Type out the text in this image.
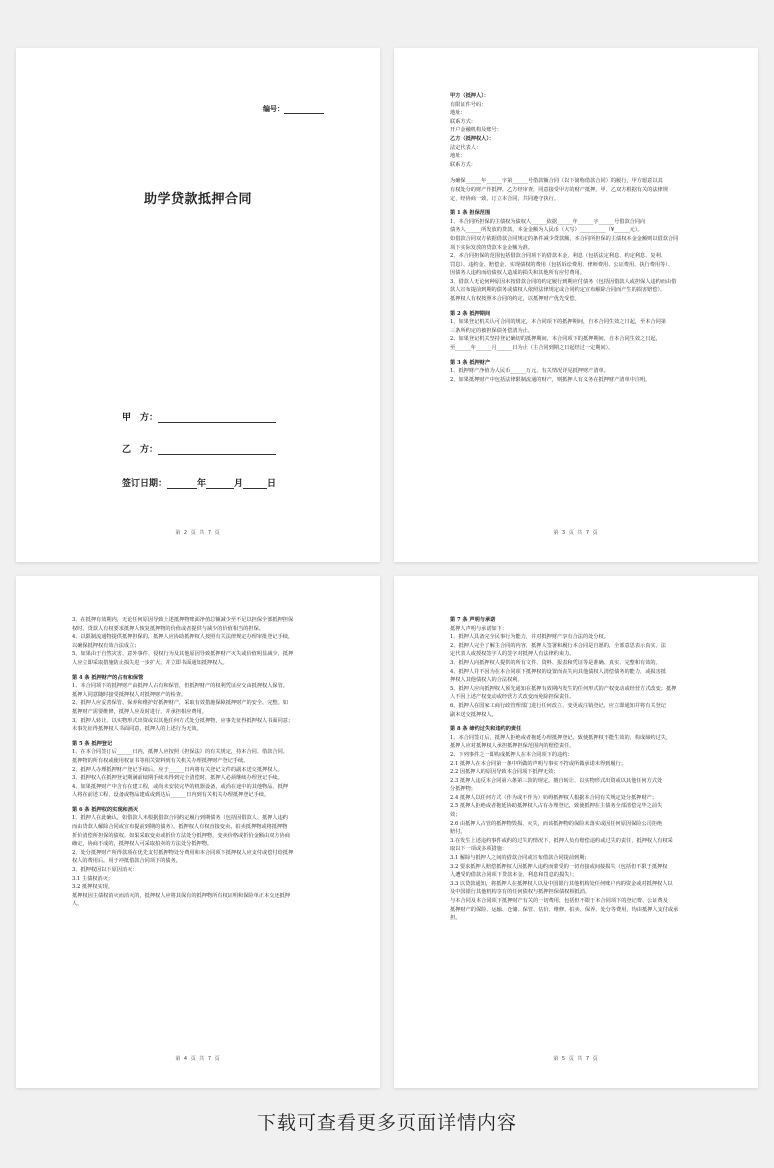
编号：
助学贷款抵押合同
甲　方：
乙　方：
签订日期：	年	月	日
第 2 页 共 7 页

甲方（抵押人）：

有限证件号码：

地址：

联系方式：

开户金融机构及账号：

乙方（抵押权人）：

法定代表人：

地址：

联系方式：

为确保______年______字第______号借款额合同（以下简称借款合同）的履行，甲方愿意以其

有权处分的财产作抵押。乙方经审查，同意接受甲方的财产抵押。甲、乙双方根据有关的法律规

定，经协商一致，订立本合同，共同遵守执行。

第 1 条 担保范围

1、本合同所担保的主债权为债权人______依据______年______字______号借款合同向

债务人______所发放的贷款，本金金额为人民币（大写）__________（¥______元）。

如借款合同双方依据借款合同规定的条件减少贷款额，本合同所担保的主债权本金金额则以借款合同

项下实际发放的贷款本金金额为准。

2、本合同担保的范围包括借款合同项下的借款本金、利息（包括法定利息、约定利息、复利、

罚息）、违约金、赔偿金、实现债权的费用（包括诉讼费用、律师费用、公证费用、执行费用等）、

因债务人违约而给债权人造成的损失和其他所有应付费用。

3、借款人无论何种原因未按借款合同的约定履行到期应付债务（包括因借款人或担保人违约而由借

款人宣布提前到期的债务或债权人依照法律规定或合同约定宣布解除合同而产生的损害赔偿），

抵押权人有权按照本合同的约定，以抵押财产优先受偿。

第 2 条 抵押期间

1、如果登记机关认可合同的规定，本合同项下的抵押期间，自本合同生效之日起，至本合同第

三条所约定的被担保债务偿清为止。

2、如果登记机关坚持登记确切的抵押期间，本合同项下的抵押期间，自本合同生效之日起，

至______年______月______日为止（主合同到期之日起经过一定期间）。

第 3 条 抵押财产

1、抵押财产净值为人民币______万元，有关情况详见抵押财产清单。

2、如果抵押财产中包括法律限制流通的财产，则抵押人有义务在抵押财产清单中注明。

第 3 页 共 7 页

3、在抵押有效期内，无论任何原因导致上述抵押物账面净值总额减少至不足以担保全部抵押担保

权时，贷款人有权要求抵押人恢复抵押物的价值或者提供与减少的价值相当的担保。

4、以限制流通物提供抵押担保的，抵押人应协助抵押权人按照有关法律规定办理审批登记手续，

以确保抵押权有效合法成立；

5、如果由于自然灾害、意外事件、侵权行为及其他原因导致抵押财产灭失或价值明显减少，抵押

人应立即采取措施防止损失进一步扩大，并立即书面通知抵押权人。

第 4 条 抵押财产的占有和保管

1、本合同项下的抵押财产由抵押人占有和保管，但抵押财产的权利凭证应交由抵押权人保管。

抵押人同意随时接受抵押权人对抵押财产的检查。

2、抵押人应妥善保管、保养和维护好抵押财产，采取有效措施保障抵押财产的安全、完整。如

抵押财产需要维修，抵押人应及时进行，并承担相应费用。

3、抵押人转让、以实物形式出资或以其他任何方式处分抵押物，应事先征得抵押权人书面同意；

未事先征得抵押权人书面同意，抵押人的上述行为无效。

第 5 条 抵押登记

1、在本合同签订后______日内，抵押人应按照《担保法》的有关规定，持本合同、借款合同、

抵押物的所有权或使用权证书等相关资料到有关机关办理抵押财产登记手续。

2、抵押人办理抵押财产登记手续后，应于______日内将有关登记文件的副本送交抵押权人。

3、抵押权人在抵押登记期满前续期手续未得到完全清偿时，抵押人必须继续办理登记手续。

4、如果抵押财产中含有在建工程，或尚未安装完毕的机器设备，或尚在途中的其他物品，抵押

人将在前述工程、设备或物品建成或到达后______日内到有关机关办理抵押登记手续。

第 6 条 抵押权的实现和消灭

1、抵押人在此确认，如借款人未根据借款合同约定履行到期债务（包括因借款人、抵押人违约

而由贷款人解除合同或宣布提前到期的债务），抵押权人有权直接变卖、拍卖抵押物或将抵押物

折价清偿所担保的债权。如果采取变卖或折价方法处分抵押物，变卖价格或折价金额由双方协商

确定，协商不成的，抵押权人可采取拍卖的方法处分抵押物。

2、处分抵押财产所得款项在优先支付抵押物处分费用和本合同项下抵押权人应支付或偿付给抵押

权人的费用后，用于冲抵借款合同项下的债务。

3、抵押权因以下原因消灭：

3.1 主债权消灭；

3.2 抵押权实现。

抵押权因主债权消灭而消灭的，抵押权人应将其保有的抵押物所有权证明和保险单正本交还抵押

人。

第 4 页 共 7 页

第 7 条 声明与承诺

抵押人声明与承诺如下：

1、抵押人具备完全民事行为能力，并对抵押财产享有合法的处分权。

2、抵押人完全了解主合同的内容，抵押人签署和履行本合同是自愿的，全部意思表示真实。法

定代表人或授权签字人的签字对抵押人有法律约束力。

3、抵押人向抵押权人提供的所有文件、资料、报表和凭证等是准确、真实、完整和有效的。

4、抵押人并不因为在本合同项下抵押权的设置而丧失向其他债权人清偿债务的能力，或损害抵

押权人其他债权人的合法权利。

5、抵押人应向抵押权人预先通知在抵押有效期内发生的任何形式的产权变动或经营方式改变；抵押

人不因上述产权变动或经营方式改变而免除担保责任。

6、抵押人在国家工商行政管理部门进行任何改立、变更或注销登记，应立即通知并将有关登记

副本送交抵押权人。

第 8 条 缔约过失和违约的责任

1、本合同签订后，抵押人拒绝或者拖延办理抵押登记，致使抵押权不能生效的，构成缔约过失，

抵押人应对抵押权人承担抵押担保范围内的赔偿责任。

2、下列事件之一即构成抵押人在本合同项下的违约：

2.1 抵押人在本合同第一条中所做的声明与事实不符或所做承诺未得到履行；

2.2 因抵押人的原因导致本合同项下抵押无效；

2.3 抵押人违反本合同第六条第三款的规定，擅自转让、以实物形式出资或以其他任何方式处

分抵押物；

2.4 抵押人以任何方式（作为或不作为）妨碍抵押权人根据本合同有关规定处分抵押财产；

2.5 抵押人拒绝或者拖延协助抵押权人占有办理登记，致使抵押在主债务全部清偿完毕之前失

效；

2.6 由抵押人占管的抵押物毁损、灭失，而该抵押物的保险未落实或因任何原因保险公司拒绝

赔付。

3.在发生上述违约事件或约的过失的情况下，抵押人负有赔偿违约或过失的责任，抵押权人有权采

取以下一项或多项措施：

3.1 解除与抵押人之间的借款合同或宣布借款合同提前到期；

3.2 要求抵押人赔偿抵押权人因抵押人违约而蒙受的一切直接或间接损失（包括但不限于抵押权

人遭受的借款合同项下贷款本金、利息和罚息的损失）；

3.3 以贷款通知，将抵押人在抵押权人以及中国银行其他机构处任何账户内的资金或对抵押权人以

及中国银行其他机构享有的任何债权与抵押担保债权相抵消。

与本合同及本合同项下抵押财产有关的一切费用，包括但不限于本合同项下的登记费、公证费及

抵押财产的保险、运输、仓储、保管、估价、维修、拍卖、保养、处分等费用，均由抵押人支付或承

担。

第 5 页 共 7 页
下载可查看更多页面详情内容
